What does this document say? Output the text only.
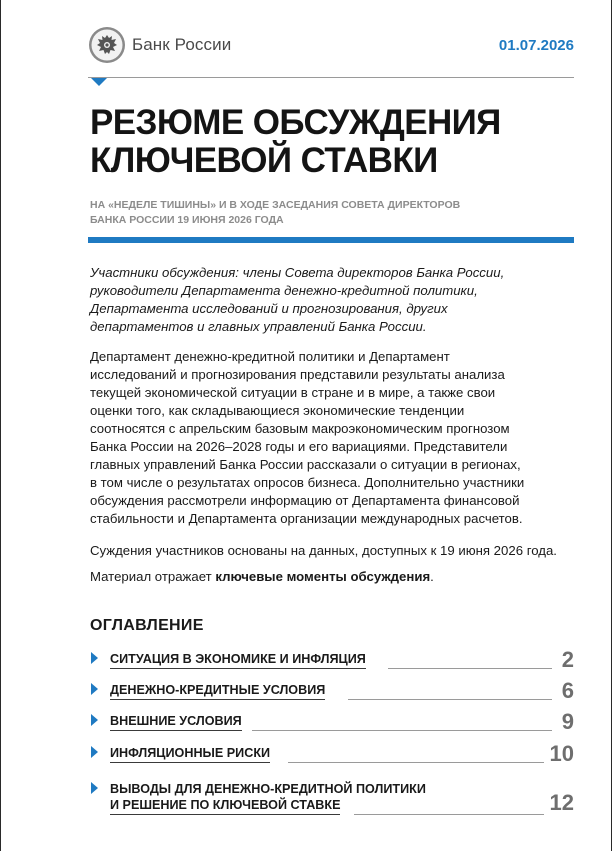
Банк России	01.07.2026
РЕЗЮМЕ ОБСУЖДЕНИЯ
КЛЮЧЕВОЙ СТАВКИ

НА «НЕДЕЛЕ ТИШИНЫ» И В ХОДЕ ЗАСЕДАНИЯ СОВЕТА ДИРЕКТОРОВ
БАНКА РОССИИ 19 ИЮНЯ 2026 ГОДА

Участники обсуждения: члены Совета директоров Банка России,
руководители Департамента денежно-кредитной политики,
Департамента исследований и прогнозирования, других
департаментов и главных управлений Банка России.

Департамент денежно-кредитной политики и Департамент
исследований и прогнозирования представили результаты анализа
текущей экономической ситуации в стране и в мире, а также свои
оценки того, как складывающиеся экономические тенденции
соотносятся с апрельским базовым макроэкономическим прогнозом
Банка России на 2026–2028 годы и его вариациями. Представители
главных управлений Банка России рассказали о ситуации в регионах,
в том числе о результатах опросов бизнеса. Дополнительно участники
обсуждения рассмотрели информацию от Департамента финансовой
стабильности и Департамента организации международных расчетов.

Суждения участников основаны на данных, доступных к 19 июня 2026 года.

Материал отражает ключевые моменты обсуждения.

ОГЛАВЛЕНИЕ
СИТУАЦИЯ В ЭКОНОМИКЕ И ИНФЛЯЦИЯ	2
ДЕНЕЖНО-КРЕДИТНЫЕ УСЛОВИЯ	6
ВНЕШНИЕ УСЛОВИЯ	9
ИНФЛЯЦИОННЫЕ РИСКИ	10
ВЫВОДЫ ДЛЯ ДЕНЕЖНО-КРЕДИТНОЙ ПОЛИТИКИ
И РЕШЕНИЕ ПО КЛЮЧЕВОЙ СТАВКЕ	12
